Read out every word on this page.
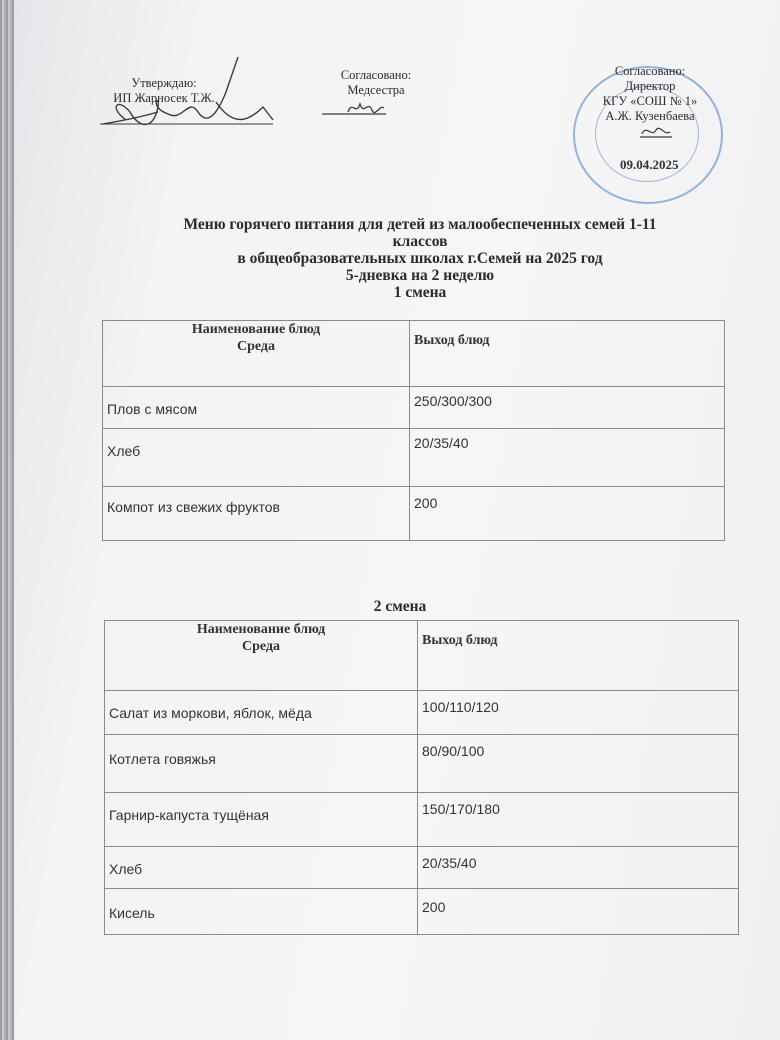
Утверждаю:
ИП Жарносек Т.Ж.
Согласовано:
Медсестра
Согласовано:
Директор
КГУ «СОШ № 1»
А.Ж. Кузенбаева
09.04.2025
Меню горячего питания для детей из малообеспеченных семей 1-11
классов
в общеобразовательных школах г.Семей на 2025 год
5-дневка на 2 неделю
1 смена
Наименование блюд
Среда	Выход блюд
Плов с мясом	250/300/300
Хлеб	20/35/40
Компот из свежих фруктов	200
2 смена
Наименование блюд
Среда	Выход блюд
Салат из моркови, яблок, мёда	100/110/120
Котлета говяжья	80/90/100
Гарнир-капуста тущёная	150/170/180
Хлеб	20/35/40
Кисель	200
